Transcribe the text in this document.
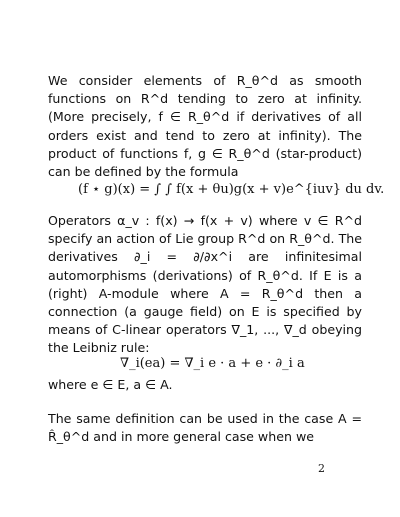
We consider elements of R_θ^d as smooth functions on R^d tending to zero at infinity. (More precisely, f ∈ R_θ^d if derivatives of all orders exist and tend to zero at infinity). The product of functions f, g ∈ R_θ^d (star-product) can be defined by the formula

(f ⋆ g)(x) = ∫ ∫ f(x + θu)g(x + v)e^{iuv} du dv.

Operators α_v : f(x) → f(x + v) where v ∈ R^d specify an action of Lie group R^d on R_θ^d. The derivatives ∂_i = ∂/∂x^i are infinitesimal automorphisms (derivations) of R_θ^d. If E is a (right) A-module where A = R_θ^d then a connection (a gauge field) on E is specified by means of C-linear operators ∇_1, ..., ∇_d obeying the Leibniz rule:

∇_i(ea) = ∇_i e · a + e · ∂_i a

where e ∈ E, a ∈ A.

The same definition can be used in the case A = R̂_θ^d and in more general case when we

2
